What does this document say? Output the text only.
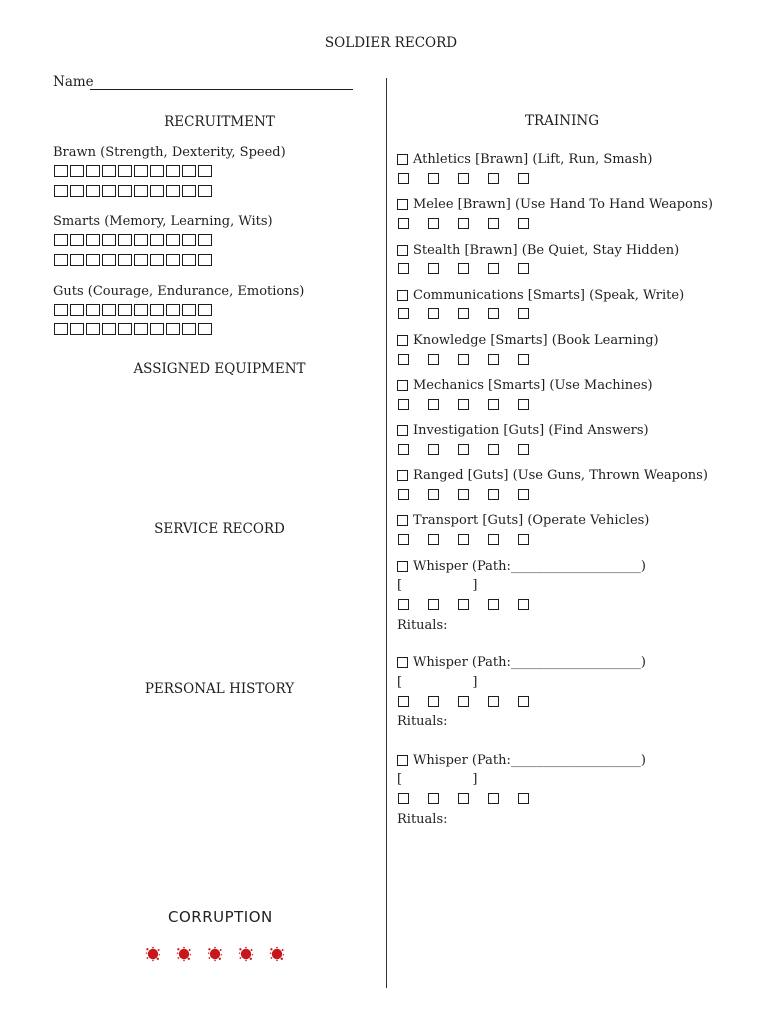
SOLDIER RECORD
Name
RECRUITMENT
Brawn (Strength, Dexterity, Speed)
Smarts (Memory, Learning, Wits)
Guts (Courage, Endurance, Emotions)
ASSIGNED EQUIPMENT
SERVICE RECORD
PERSONAL HISTORY
CORRUPTION
TRAINING
Athletics [Brawn] (Lift, Run, Smash)
Melee [Brawn] (Use Hand To Hand Weapons)
Stealth [Brawn] (Be Quiet, Stay Hidden)
Communications [Smarts] (Speak, Write)
Knowledge [Smarts] (Book Learning)
Mechanics [Smarts] (Use Machines)
Investigation [Guts] (Find Answers)
Ranged [Guts] (Use Guns, Thrown Weapons)
Transport [Guts] (Operate Vehicles)
Whisper (Path:____________________)
[                 ]
Rituals:
Whisper (Path:____________________)
[                 ]
Rituals:
Whisper (Path:____________________)
[                 ]
Rituals:
